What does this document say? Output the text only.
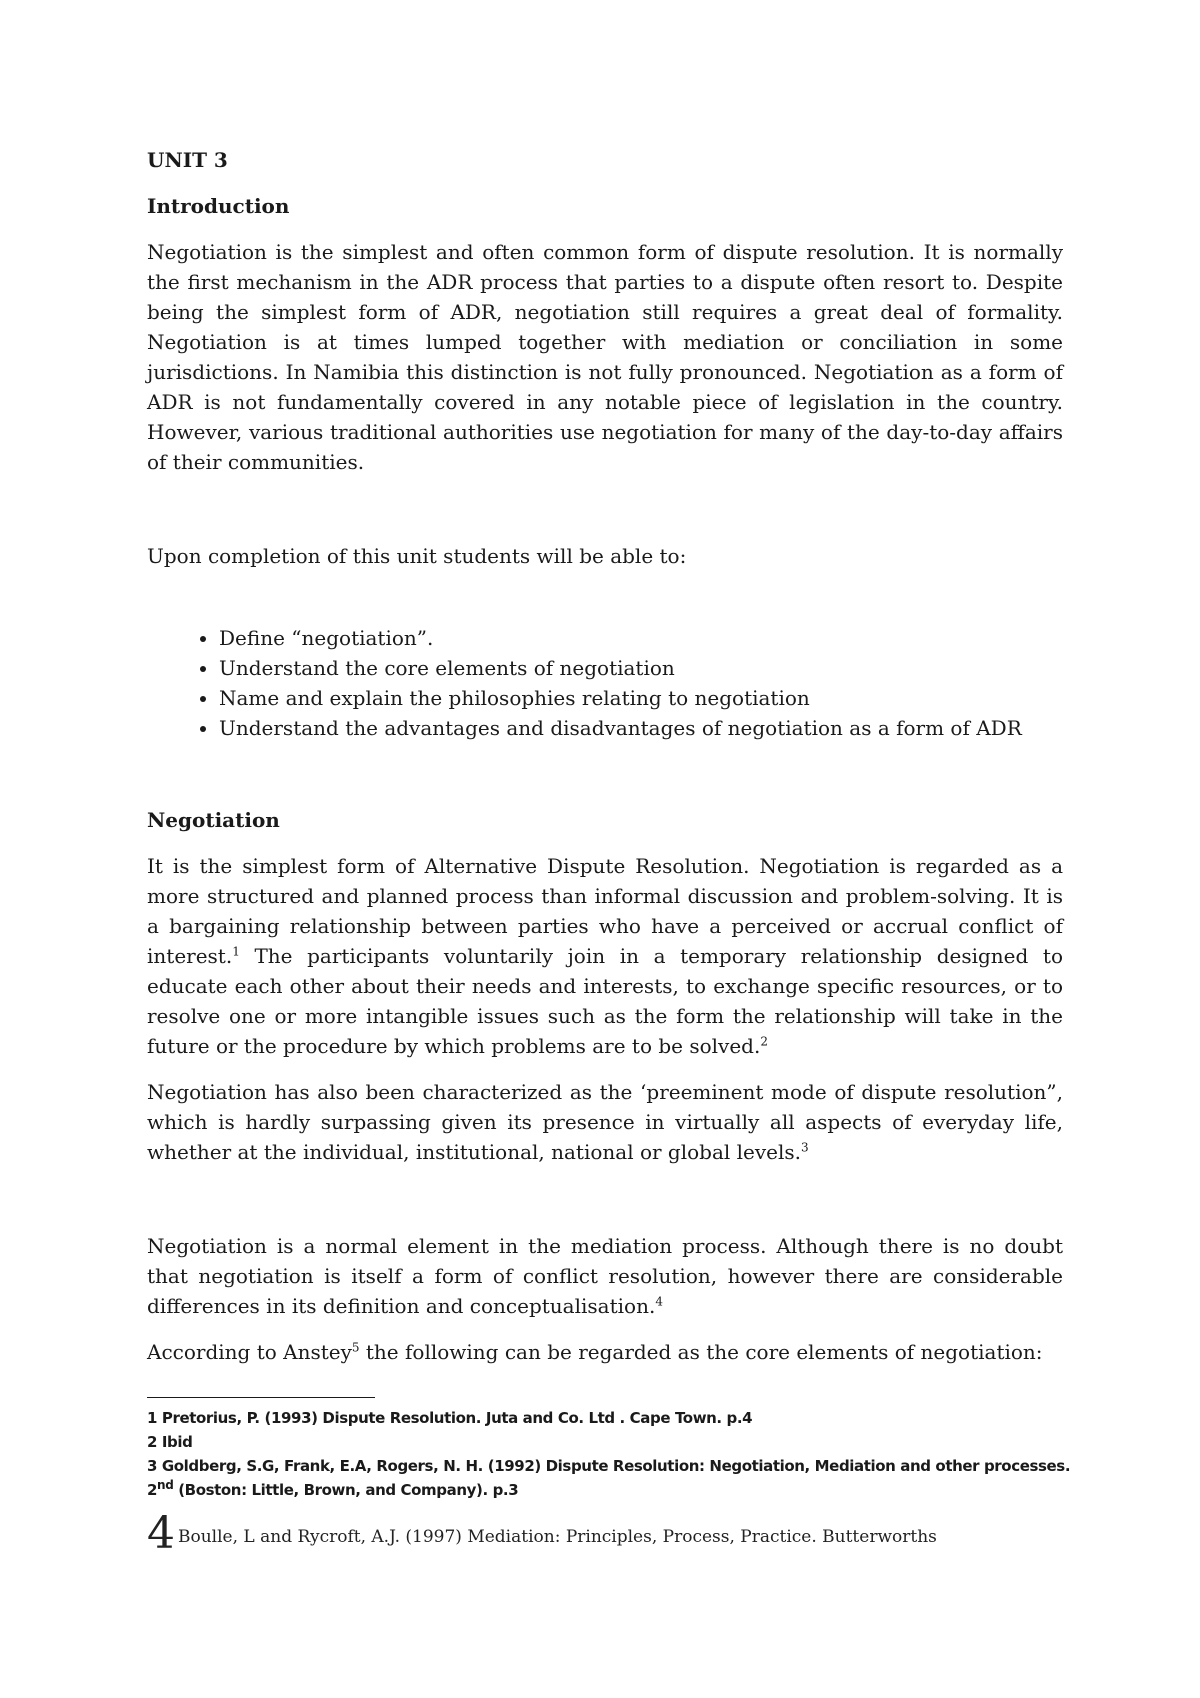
UNIT 3
Introduction

Negotiation is the simplest and often common form of dispute resolution. It is normally the first mechanism in the ADR process that parties to a dispute often resort to. Despite being the simplest form of ADR, negotiation still requires a great deal of formality. Negotiation is at times lumped together with mediation or conciliation in some jurisdictions. In Namibia this distinction is not fully pronounced. Negotiation as a form of ADR is not fundamentally covered in any notable piece of legislation in the country. However, various traditional authorities use negotiation for many of the day-to-day affairs of their communities.

Upon completion of this unit students will be able to:

• Define “negotiation”.
• Understand the core elements of negotiation
• Name and explain the philosophies relating to negotiation
• Understand the advantages and disadvantages of negotiation as a form of ADR
Negotiation

It is the simplest form of Alternative Dispute Resolution. Negotiation is regarded as a more structured and planned process than informal discussion and problem-solving. It is a bargaining relationship between parties who have a perceived or accrual conflict of interest.$^1$ The participants voluntarily join in a temporary relationship designed to educate each other about their needs and interests, to exchange specific resources, or to resolve one or more intangible issues such as the form the relationship will take in the future or the procedure by which problems are to be solved.$^2$

Negotiation has also been characterized as the ‘preeminent mode of dispute resolution”, which is hardly surpassing given its presence in virtually all aspects of everyday life, whether at the individual, institutional, national or global levels.$^3$

Negotiation is a normal element in the mediation process. Although there is no doubt that negotiation is itself a form of conflict resolution, however there are considerable differences in its definition and conceptualisation.$^4$

According to Anstey$^5$ the following can be regarded as the core elements of negotiation:

1 Pretorius, P. (1993) Dispute Resolution. Juta and Co. Ltd . Cape Town. p.4
2 Ibid
3 Goldberg, S.G, Frank, E.A, Rogers, N. H. (1992) Dispute Resolution: Negotiation, Mediation and other processes. 2nd (Boston: Little, Brown, and Company). p.3
4 Boulle, L and Rycroft, A.J. (1997) Mediation: Principles, Process, Practice. Butterworths
